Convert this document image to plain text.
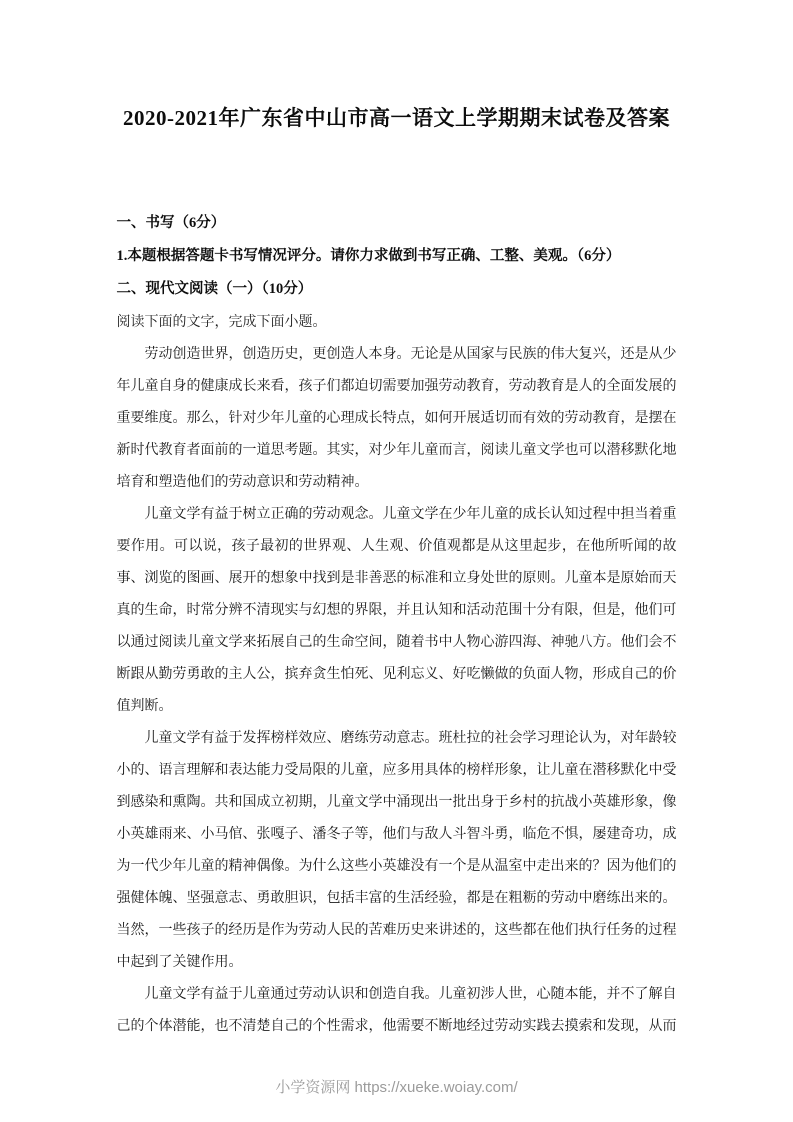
2020-2021年广东省中山市高一语文上学期期末试卷及答案
一、书写（6分）
1.本题根据答题卡书写情况评分。请你力求做到书写正确、工整、美观。（6分）
二、现代文阅读（一）（10分）
阅读下面的文字，完成下面小题。

劳动创造世界，创造历史，更创造人本身。无论是从国家与民族的伟大复兴，还是从少年儿童自身的健康成长来看，孩子们都迫切需要加强劳动教育，劳动教育是人的全面发展的重要维度。那么，针对少年儿童的心理成长特点，如何开展适切而有效的劳动教育，是摆在新时代教育者面前的一道思考题。其实，对少年儿童而言，阅读儿童文学也可以潜移默化地培育和塑造他们的劳动意识和劳动精神。

儿童文学有益于树立正确的劳动观念。儿童文学在少年儿童的成长认知过程中担当着重要作用。可以说，孩子最初的世界观、人生观、价值观都是从这里起步，在他所听闻的故事、浏览的图画、展开的想象中找到是非善恶的标准和立身处世的原则。儿童本是原始而天真的生命，时常分辨不清现实与幻想的界限，并且认知和活动范围十分有限，但是，他们可以通过阅读儿童文学来拓展自己的生命空间，随着书中人物心游四海、神驰八方。他们会不断跟从勤劳勇敢的主人公，摈弃贪生怕死、见利忘义、好吃懒做的负面人物，形成自己的价值判断。

儿童文学有益于发挥榜样效应、磨练劳动意志。班杜拉的社会学习理论认为，对年龄较小的、语言理解和表达能力受局限的儿童，应多用具体的榜样形象，让儿童在潜移默化中受到感染和熏陶。共和国成立初期，儿童文学中涌现出一批出身于乡村的抗战小英雄形象，像小英雄雨来、小马倌、张嘎子、潘冬子等，他们与敌人斗智斗勇，临危不惧，屡建奇功，成为一代少年儿童的精神偶像。为什么这些小英雄没有一个是从温室中走出来的？因为他们的强健体魄、坚强意志、勇敢胆识，包括丰富的生活经验，都是在粗粝的劳动中磨练出来的。当然，一些孩子的经历是作为劳动人民的苦难历史来讲述的，这些都在他们执行任务的过程中起到了关键作用。

儿童文学有益于儿童通过劳动认识和创造自我。儿童初涉人世，心随本能，并不了解自己的个体潜能，也不清楚自己的个性需求，他需要不断地经过劳动实践去摸索和发现，从而

小学资源网 https://xueke.woiay.com/
